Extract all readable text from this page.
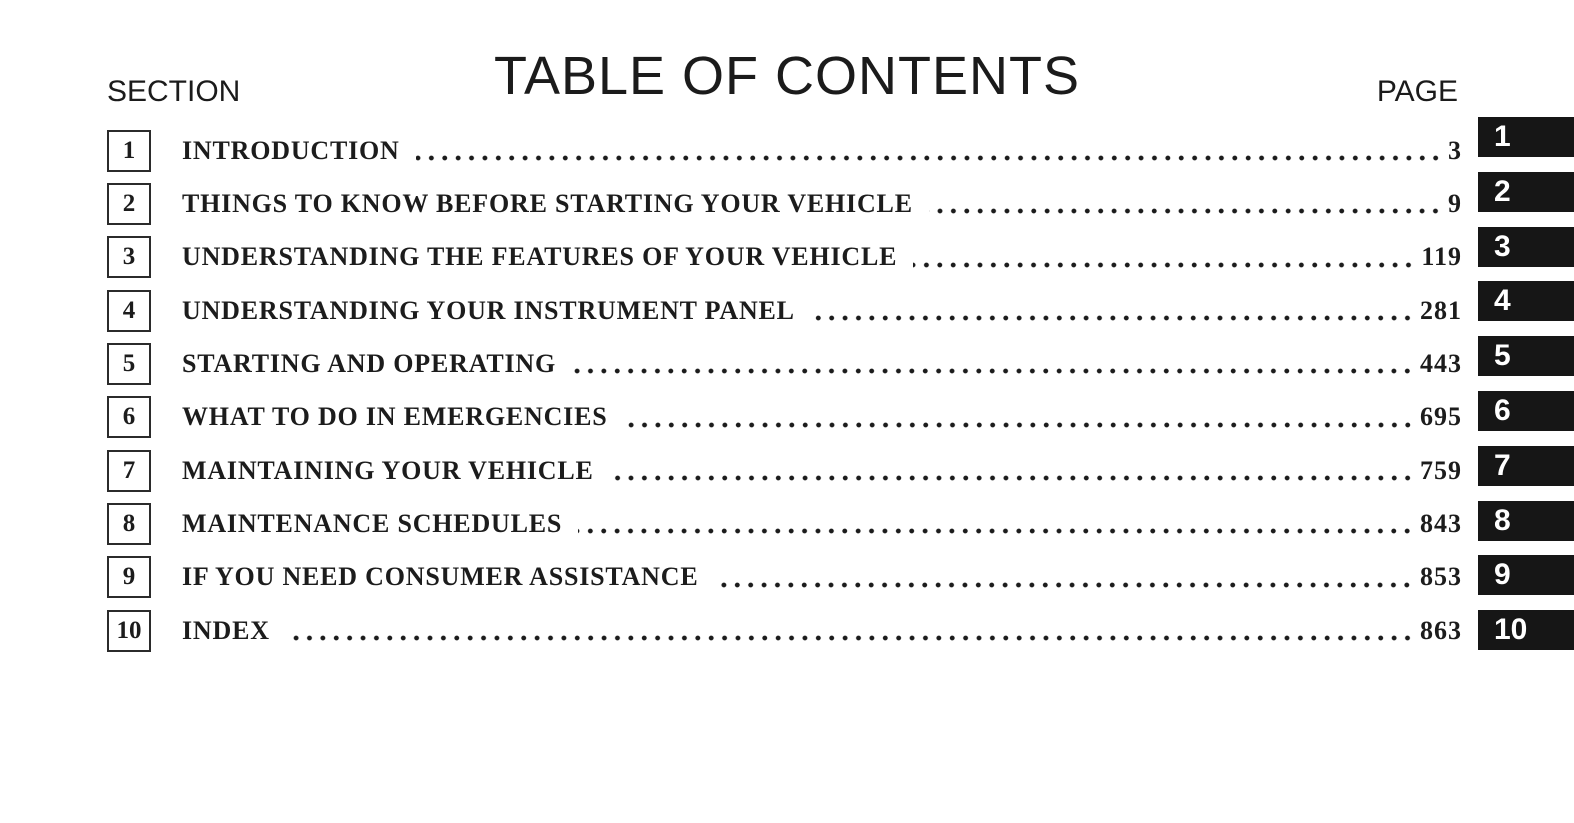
TABLE OF CONTENTS
SECTION	PAGE
1	INTRODUCTION	3
2	THINGS TO KNOW BEFORE STARTING YOUR VEHICLE	9
3	UNDERSTANDING THE FEATURES OF YOUR VEHICLE	119
4	UNDERSTANDING YOUR INSTRUMENT PANEL	281
5	STARTING AND OPERATING	443
6	WHAT TO DO IN EMERGENCIES	695
7	MAINTAINING YOUR VEHICLE	759
8	MAINTENANCE SCHEDULES	843
9	IF YOU NEED CONSUMER ASSISTANCE	853
10	INDEX	863
1
2
3
4
5
6
7
8
9
10
